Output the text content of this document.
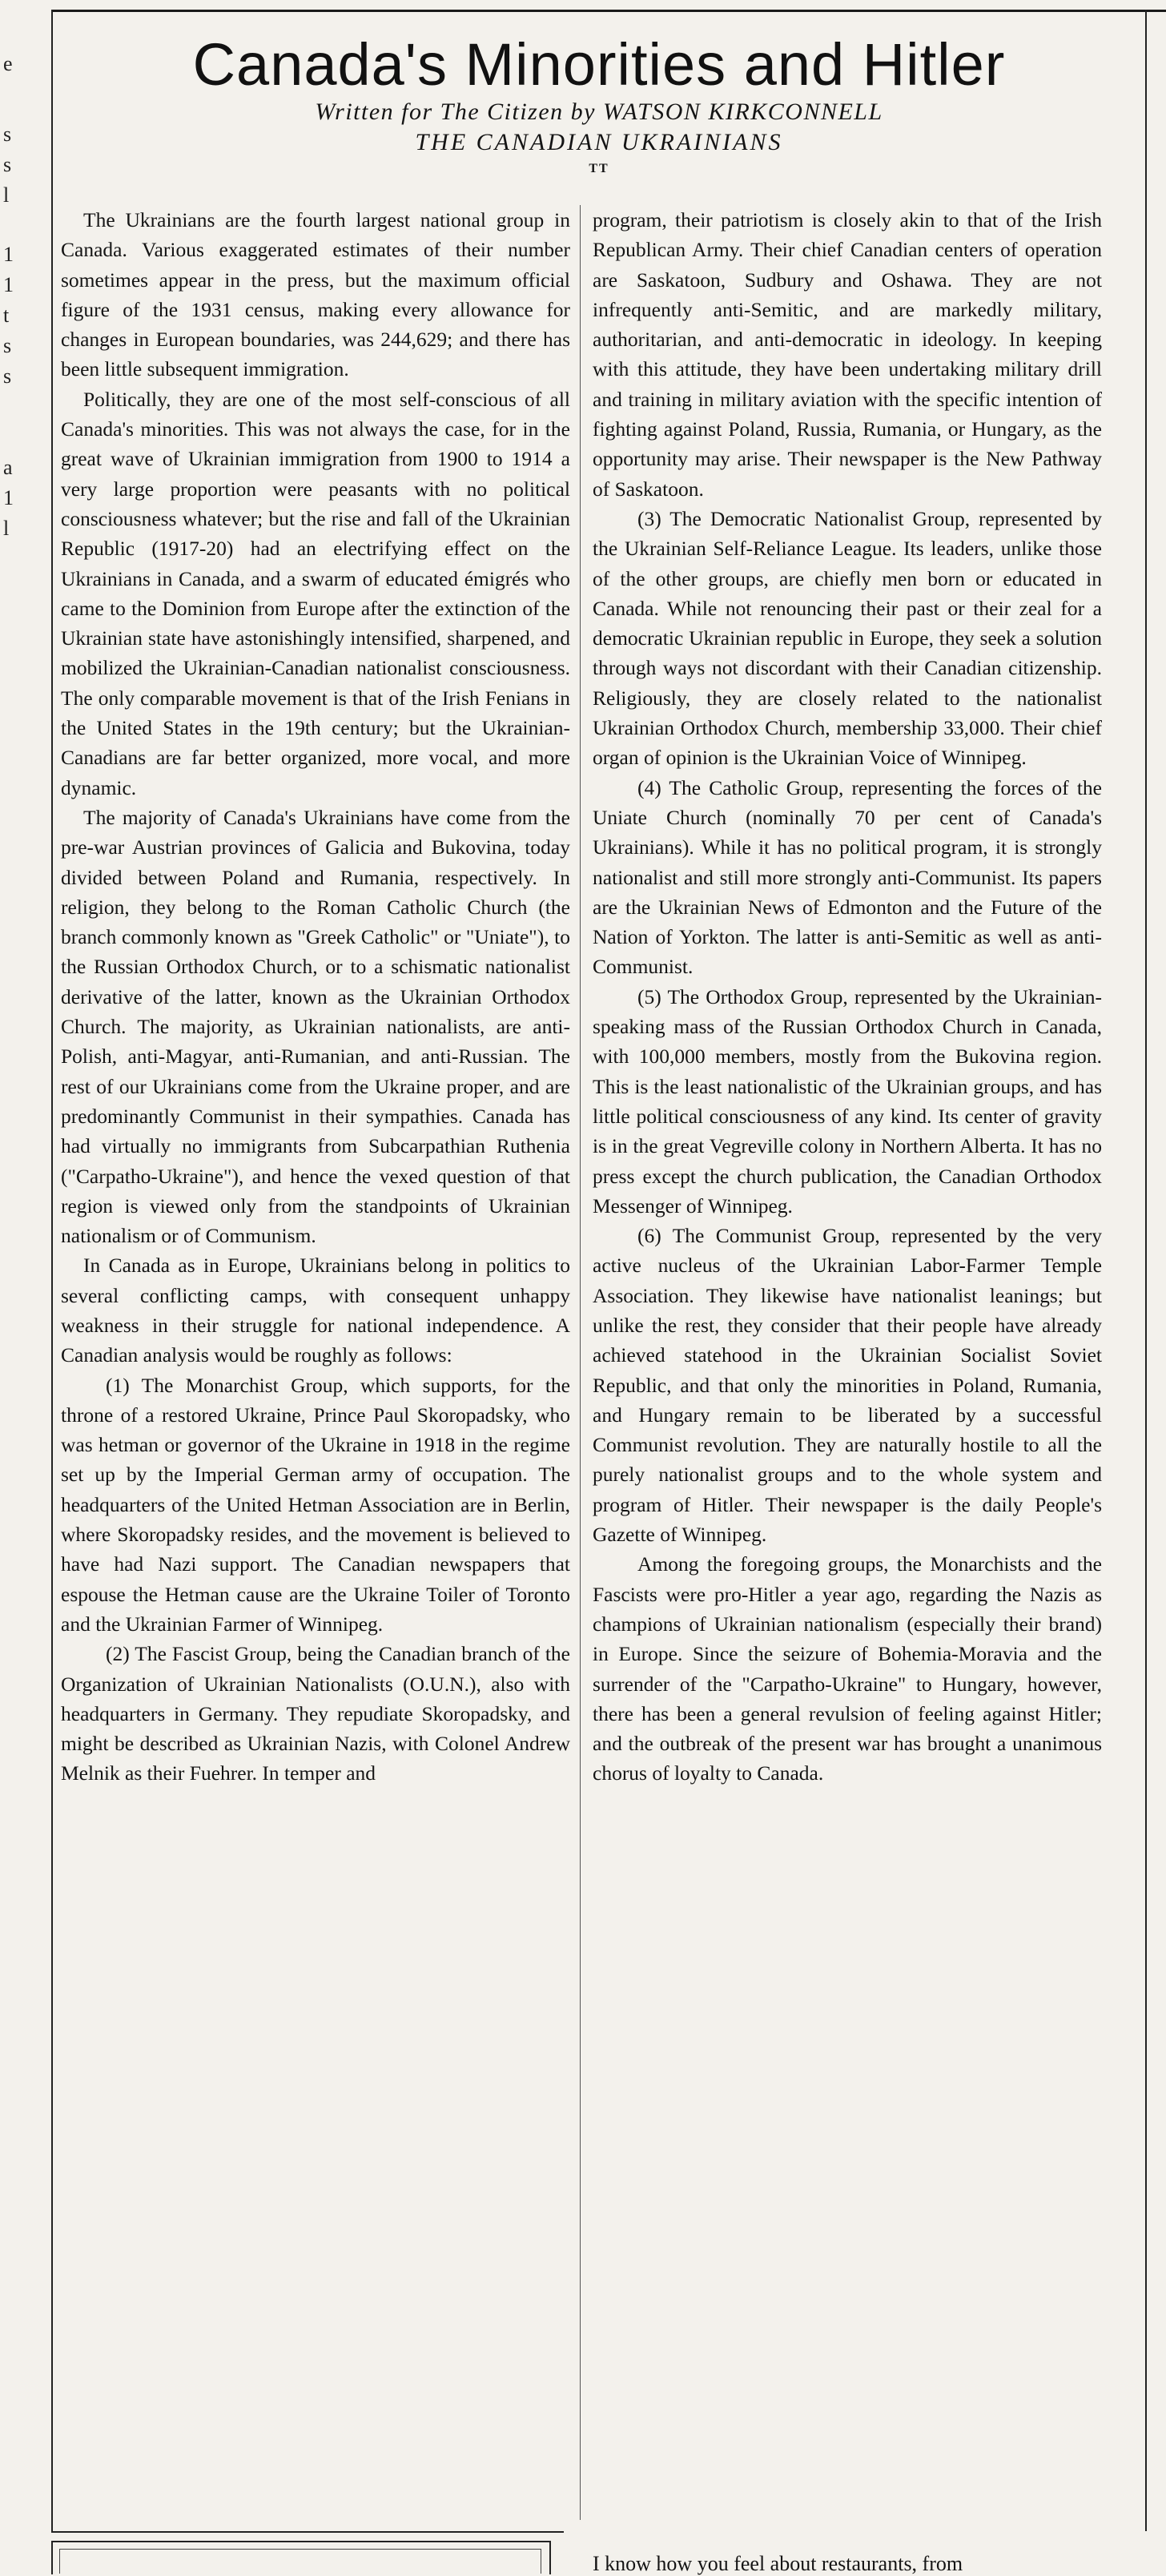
e
s
s
l
1
1
t
s
s
a
1
l
Canada's Minorities and Hitler
Written for The Citizen by WATSON KIRKCONNELL
THE CANADIAN UKRAINIANS
TT

The Ukrainians are the fourth largest national group in Canada. Various exaggerated estimates of their number sometimes appear in the press, but the maximum official figure of the 1931 census, making every allowance for changes in European boundaries, was 244,629; and there has been little subsequent immigration.

Politically, they are one of the most self-conscious of all Canada's minorities. This was not always the case, for in the great wave of Ukrainian immigration from 1900 to 1914 a very large proportion were peasants with no political consciousness whatever; but the rise and fall of the Ukrainian Republic (1917-20) had an electrifying effect on the Ukrainians in Canada, and a swarm of educated émigrés who came to the Dominion from Europe after the extinction of the Ukrainian state have astonishingly intensified, sharpened, and mobilized the Ukrainian-Canadian nationalist consciousness. The only comparable movement is that of the Irish Fenians in the United States in the 19th century; but the Ukrainian-Canadians are far better organized, more vocal, and more dynamic.

The majority of Canada's Ukrainians have come from the pre-war Austrian provinces of Galicia and Bukovina, today divided between Poland and Rumania, respectively. In religion, they belong to the Roman Catholic Church (the branch commonly known as "Greek Catholic" or "Uniate"), to the Russian Orthodox Church, or to a schismatic nationalist derivative of the latter, known as the Ukrainian Orthodox Church. The majority, as Ukrainian nationalists, are anti-Polish, anti-Magyar, anti-Rumanian, and anti-Russian. The rest of our Ukrainians come from the Ukraine proper, and are predominantly Communist in their sympathies. Canada has had virtually no immigrants from Subcarpathian Ruthenia ("Carpatho-Ukraine"), and hence the vexed question of that region is viewed only from the standpoints of Ukrainian nationalism or of Communism.

In Canada as in Europe, Ukrainians belong in politics to several conflicting camps, with consequent unhappy weakness in their struggle for national independence. A Canadian analysis would be roughly as follows:

(1) The Monarchist Group, which supports, for the throne of a restored Ukraine, Prince Paul Skoropadsky, who was hetman or governor of the Ukraine in 1918 in the regime set up by the Imperial German army of occupation. The headquarters of the United Hetman Association are in Berlin, where Skoropadsky resides, and the movement is believed to have had Nazi support. The Canadian newspapers that espouse the Hetman cause are the Ukraine Toiler of Toronto and the Ukrainian Farmer of Winnipeg.

(2) The Fascist Group, being the Canadian branch of the Organization of Ukrainian Nationalists (O.U.N.), also with headquarters in Germany. They repudiate Skoropadsky, and might be described as Ukrainian Nazis, with Colonel Andrew Melnik as their Fuehrer. In temper and

program, their patriotism is closely akin to that of the Irish Republican Army. Their chief Canadian centers of operation are Saskatoon, Sudbury and Oshawa. They are not infrequently anti-Semitic, and are markedly military, authoritarian, and anti-democratic in ideology. In keeping with this attitude, they have been undertaking military drill and training in military aviation with the specific intention of fighting against Poland, Russia, Rumania, or Hungary, as the opportunity may arise. Their newspaper is the New Pathway of Saskatoon.

(3) The Democratic Nationalist Group, represented by the Ukrainian Self-Reliance League. Its leaders, unlike those of the other groups, are chiefly men born or educated in Canada. While not renouncing their past or their zeal for a democratic Ukrainian republic in Europe, they seek a solution through ways not discordant with their Canadian citizenship. Religiously, they are closely related to the nationalist Ukrainian Orthodox Church, membership 33,000. Their chief organ of opinion is the Ukrainian Voice of Winnipeg.

(4) The Catholic Group, representing the forces of the Uniate Church (nominally 70 per cent of Canada's Ukrainians). While it has no political program, it is strongly nationalist and still more strongly anti-Communist. Its papers are the Ukrainian News of Edmonton and the Future of the Nation of Yorkton. The latter is anti-Semitic as well as anti-Communist.

(5) The Orthodox Group, represented by the Ukrainian-speaking mass of the Russian Orthodox Church in Canada, with 100,000 members, mostly from the Bukovina region. This is the least nationalistic of the Ukrainian groups, and has little political consciousness of any kind. Its center of gravity is in the great Vegreville colony in Northern Alberta. It has no press except the church publication, the Canadian Orthodox Messenger of Winnipeg.

(6) The Communist Group, represented by the very active nucleus of the Ukrainian Labor-Farmer Temple Association. They likewise have nationalist leanings; but unlike the rest, they consider that their people have already achieved statehood in the Ukrainian Socialist Soviet Republic, and that only the minorities in Poland, Rumania, and Hungary remain to be liberated by a successful Communist revolution. They are naturally hostile to all the purely nationalist groups and to the whole system and program of Hitler. Their newspaper is the daily People's Gazette of Winnipeg.

Among the foregoing groups, the Monarchists and the Fascists were pro-Hitler a year ago, regarding the Nazis as champions of Ukrainian nationalism (especially their brand) in Europe. Since the seizure of Bohemia-Moravia and the surrender of the "Carpatho-Ukraine" to Hungary, however, there has been a general revulsion of feeling against Hitler; and the outbreak of the present war has brought a unanimous chorus of loyalty to Canada.

I know how you feel about restaurants, from
